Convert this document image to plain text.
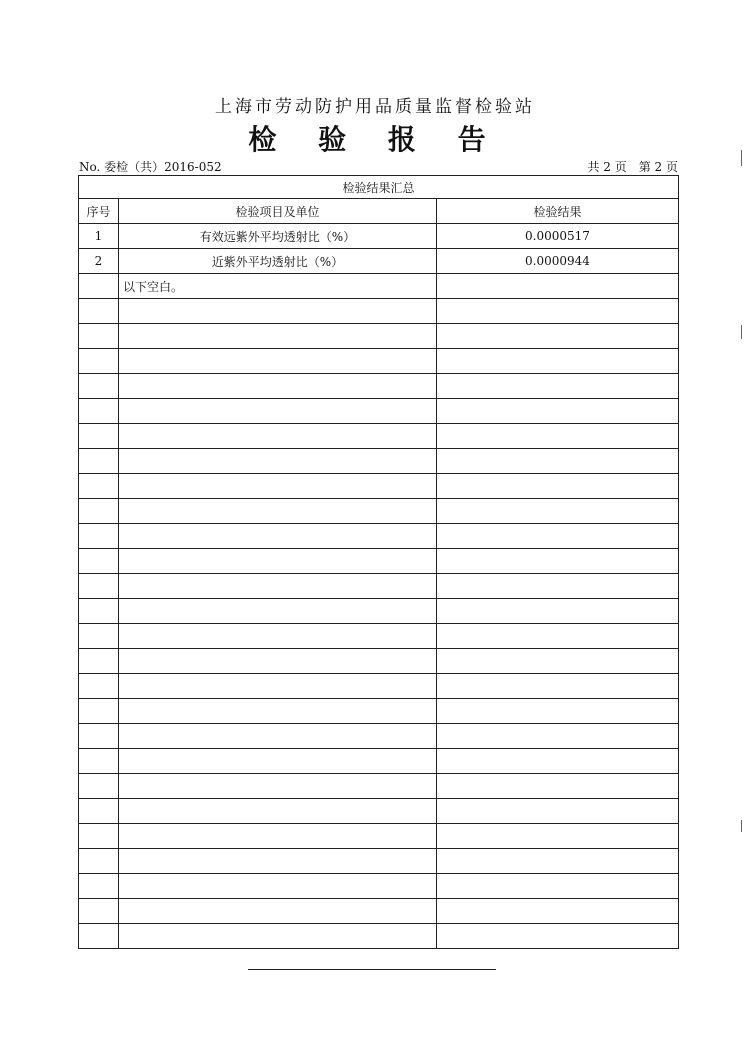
上海市劳动防护用品质量监督检验站
检 验 报 告
No. 委检（共）2016-052	共 2 页　第 2 页
检验结果汇总		
序号	检验项目及单位	检验结果
1	有效远紫外平均透射比（%）	0.0000517
2	近紫外平均透射比（%）	0.0000944
	以下空白。	
